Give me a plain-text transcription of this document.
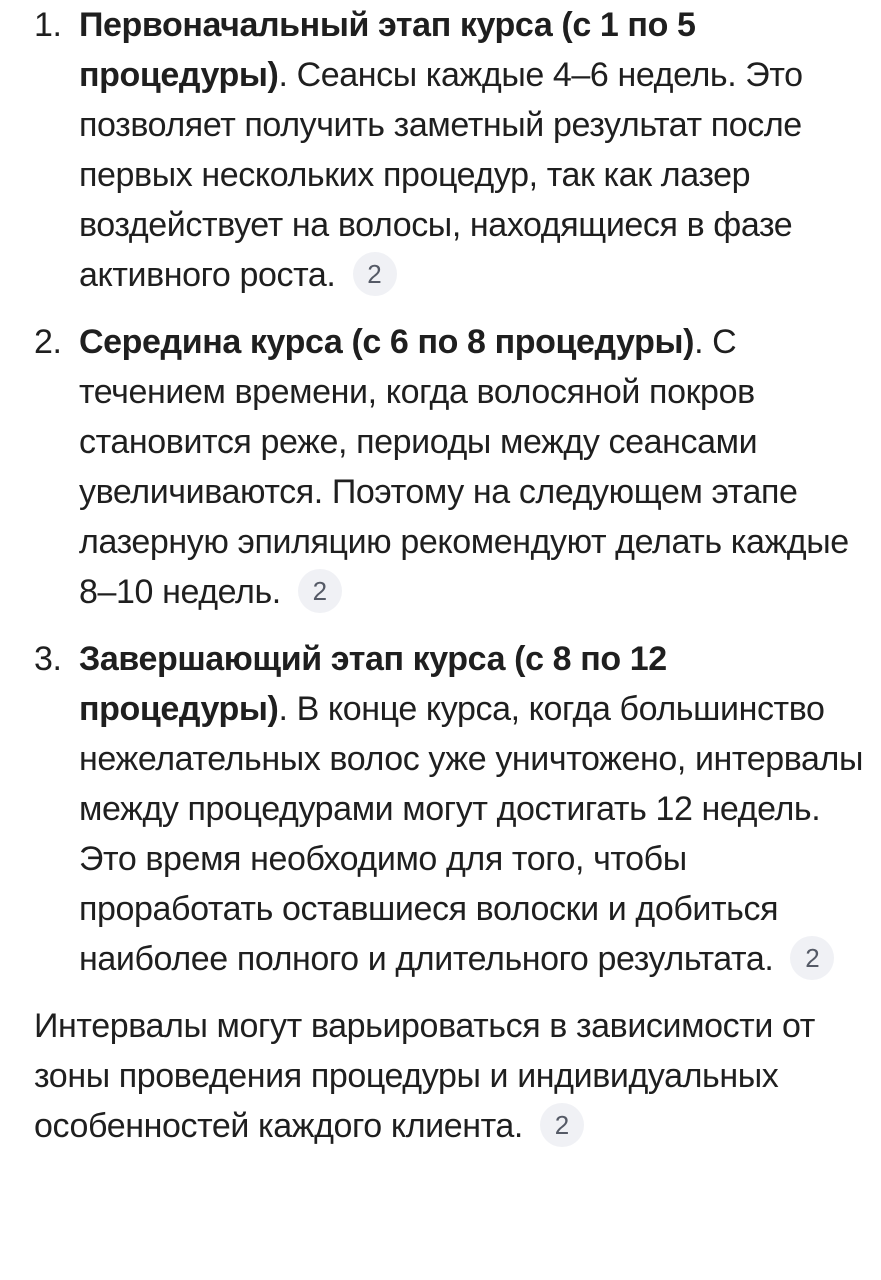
1. Первоначальный этап курса (с 1 по 5 процедуры). Сеансы каждые 4–6 недель. Это позволяет получить заметный результат после первых нескольких процедур, так как лазер воздействует на волосы, находящиеся в фазе активного роста. 2
2. Середина курса (с 6 по 8 процедуры). С течением времени, когда волосяной покров становится реже, периоды между сеансами увеличиваются. Поэтому на следующем этапе лазерную эпиляцию рекомендуют делать каждые 8–10 недель. 2
3. Завершающий этап курса (с 8 по 12 процедуры). В конце курса, когда большинство нежелательных волос уже уничтожено, интервалы между процедурами могут достигать 12 недель. Это время необходимо для того, чтобы проработать оставшиеся волоски и добиться наиболее полного и длительного результата. 2

Интервалы могут варьироваться в зависимости от зоны проведения процедуры и индивидуальных особенностей каждого клиента. 2
